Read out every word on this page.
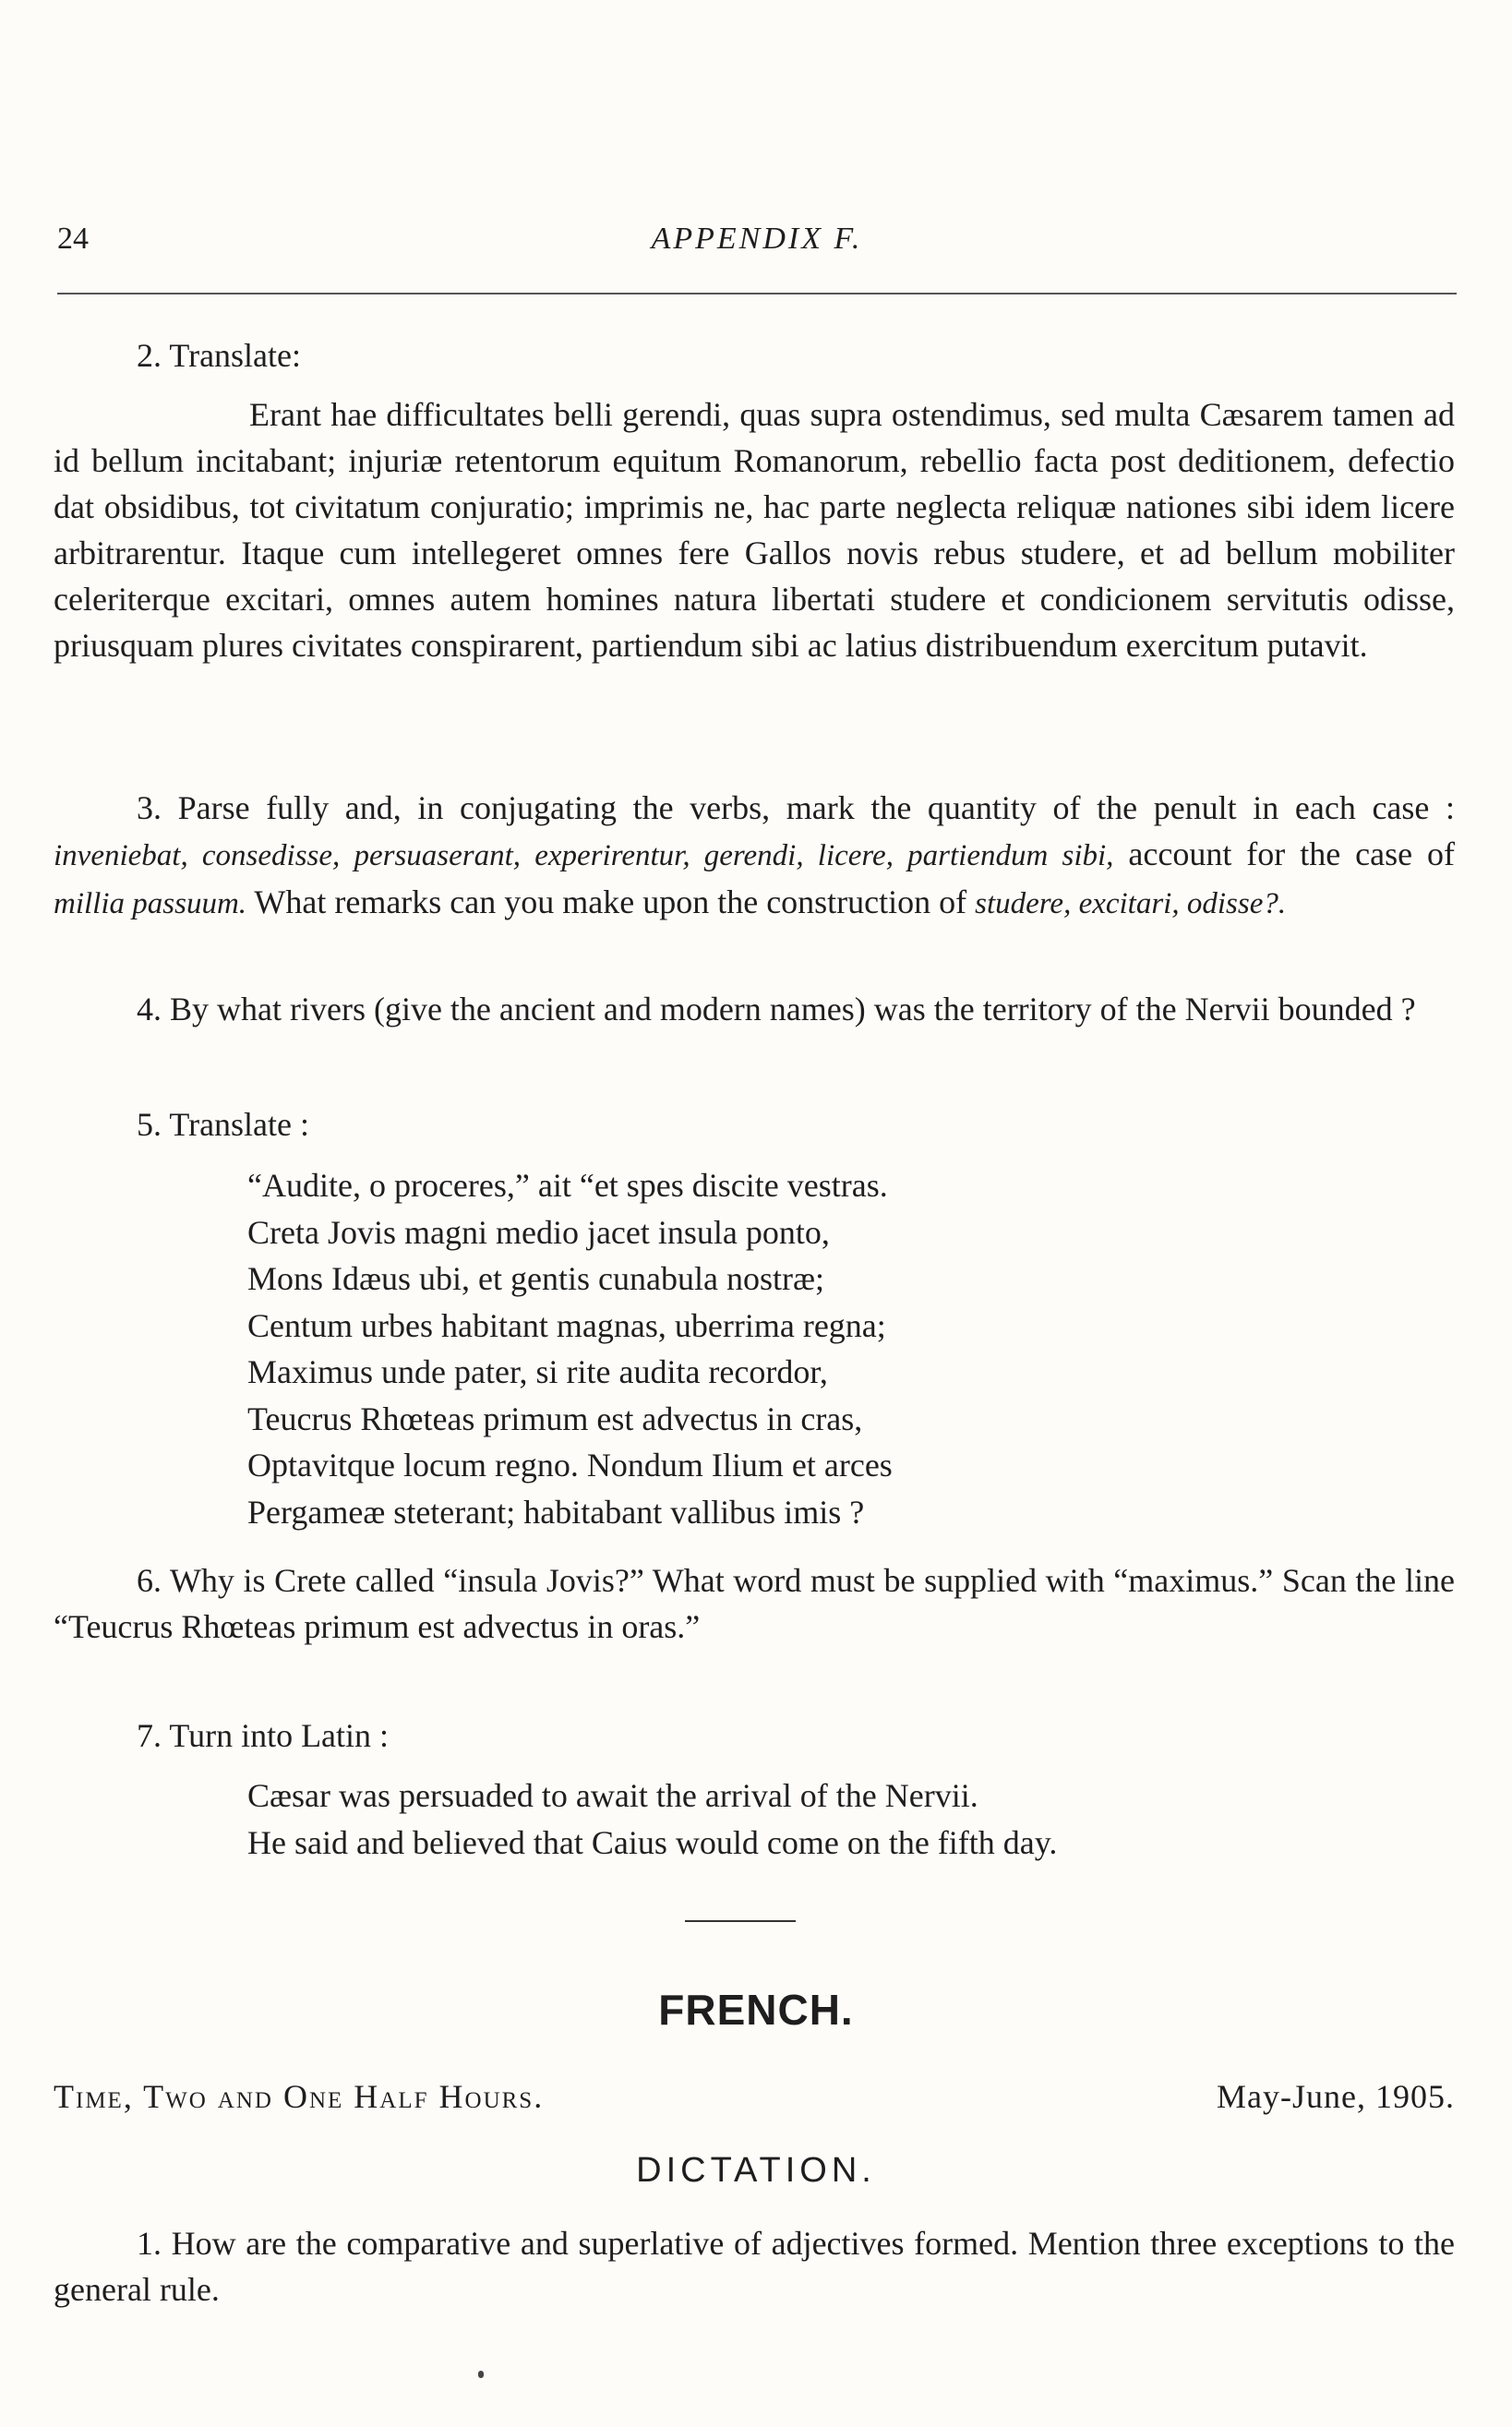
24	APPENDIX F.

2. Translate:

Erant hae difficultates belli gerendi, quas supra ostendimus, sed multa Cæsarem tamen ad id bellum incitabant; injuriæ retentorum equitum Romanorum, rebellio facta post deditionem, defectio dat obsidibus, tot civitatum conjuratio; imprimis ne, hac parte neglecta reliquæ nationes sibi idem licere arbitrarentur. Itaque cum intellegeret omnes fere Gallos novis rebus studere, et ad bellum mobiliter celeriterque excitari, omnes autem homines natura libertati studere et condicionem servitutis odisse, priusquam plures civitates conspirarent, partiendum sibi ac latius distribuendum exercitum putavit.

3. Parse fully and, in conjugating the verbs, mark the quantity of the penult in each case : inveniebat, consedisse, persuaserant, experirentur, gerendi, licere, partiendum sibi, account for the case of millia passuum. What remarks can you make upon the construction of studere, excitari, odisse?.

4. By what rivers (give the ancient and modern names) was the territory of the Nervii bounded ?

5. Translate :

“Audite, o proceres,” ait “et spes discite vestras.
Creta Jovis magni medio jacet insula ponto,
Mons Idæus ubi, et gentis cunabula nostræ;
Centum urbes habitant magnas, uberrima regna;
Maximus unde pater, si rite audita recordor,
Teucrus Rhœteas primum est advectus in cras,
Optavitque locum regno. Nondum Ilium et arces
Pergameæ steterant; habitabant vallibus imis ?

6. Why is Crete called “insula Jovis?” What word must be supplied with “maximus.” Scan the line “Teucrus Rhœteas primum est advectus in oras.”

7. Turn into Latin :

Cæsar was persuaded to await the arrival of the Nervii.
He said and believed that Caius would come on the fifth day.
FRENCH.
Time, Two and One Half Hours.	May-June, 1905.
DICTATION.

1. How are the comparative and superlative of adjectives formed. Mention three exceptions to the general rule.
